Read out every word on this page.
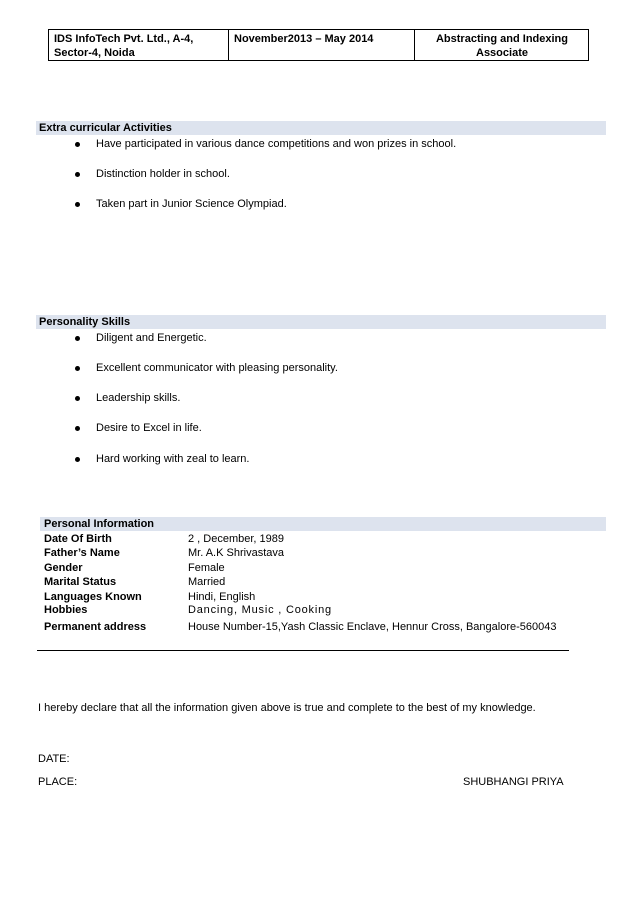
IDS InfoTech Pvt. Ltd., A-4,
Sector-4, Noida	November2013 – May 2014	Abstracting and Indexing
Associate
Extra curricular Activities
Have participated in various dance competitions and won prizes in school.
Distinction holder in school.
Taken part in Junior Science Olympiad.
Personality Skills
Diligent and Energetic.
Excellent communicator with pleasing personality.
Leadership skills.
Desire to Excel in life.
Hard working with zeal to learn.
Personal Information
Date Of Birth	2 , December, 1989
Father’s Name	Mr. A.K Shrivastava
Gender	Female
Marital Status	Married
Languages Known	Hindi, English
Hobbies	Dancing, Music , Cooking
Permanent address	House Number-15,Yash Classic Enclave, Hennur Cross, Bangalore-560043
I hereby declare that all the information given above is true and complete to the best of my knowledge.
DATE:
PLACE:	SHUBHANGI PRIYA
